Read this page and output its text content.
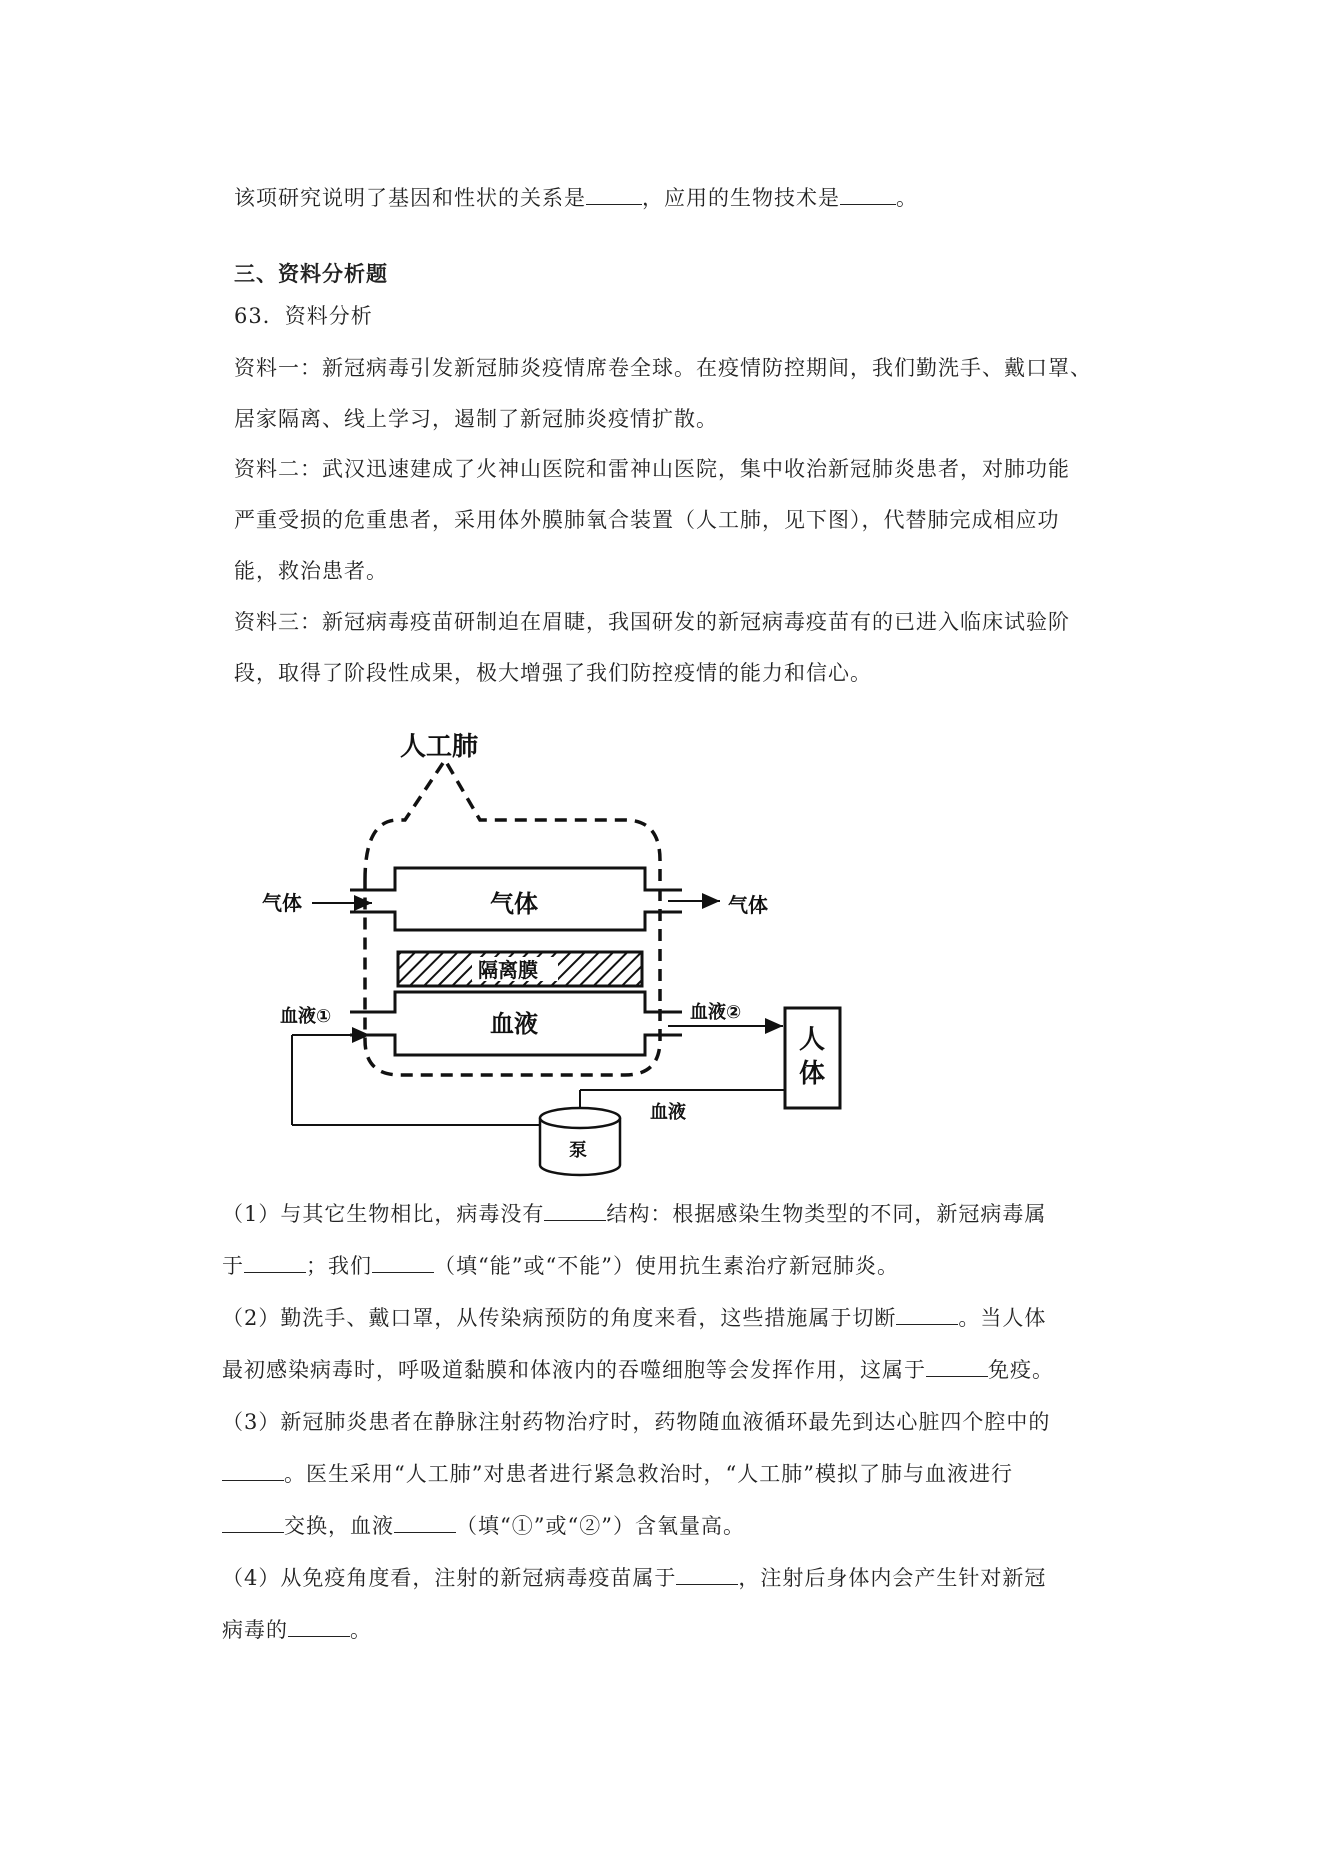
该项研究说明了基因和性状的关系是	，应用的生物技术是	。
三、资料分析题
63．资料分析
资料一：新冠病毒引发新冠肺炎疫情席卷全球。在疫情防控期间，我们勤洗手、戴口罩、
居家隔离、线上学习，遏制了新冠肺炎疫情扩散。
资料二：武汉迅速建成了火神山医院和雷神山医院，集中收治新冠肺炎患者，对肺功能
严重受损的危重患者，采用体外膜肺氧合装置（人工肺，见下图），代替肺完成相应功
能，救治患者。
资料三：新冠病毒疫苗研制迫在眉睫，我国研发的新冠病毒疫苗有的已进入临床试验阶
段，取得了阶段性成果，极大增强了我们防控疫情的能力和信心。
人工肺
气体
隔离膜
血液
气体	气体
血液①	血液②
人
体
血液
泵
（1）与其它生物相比，病毒没有	结构：根据感染生物类型的不同，新冠病毒属
于	；我们	（填“能”或“不能”）使用抗生素治疗新冠肺炎。
（2）勤洗手、戴口罩，从传染病预防的角度来看，这些措施属于切断	。当人体
最初感染病毒时，呼吸道黏膜和体液内的吞噬细胞等会发挥作用，这属于	免疫。
（3）新冠肺炎患者在静脉注射药物治疗时，药物随血液循环最先到达心脏四个腔中的
。医生采用“人工肺”对患者进行紧急救治时，“人工肺”模拟了肺与血液进行
交换，血液	（填“①”或“②”）含氧量高。
（4）从免疫角度看，注射的新冠病毒疫苗属于	，注射后身体内会产生针对新冠
病毒的	。
